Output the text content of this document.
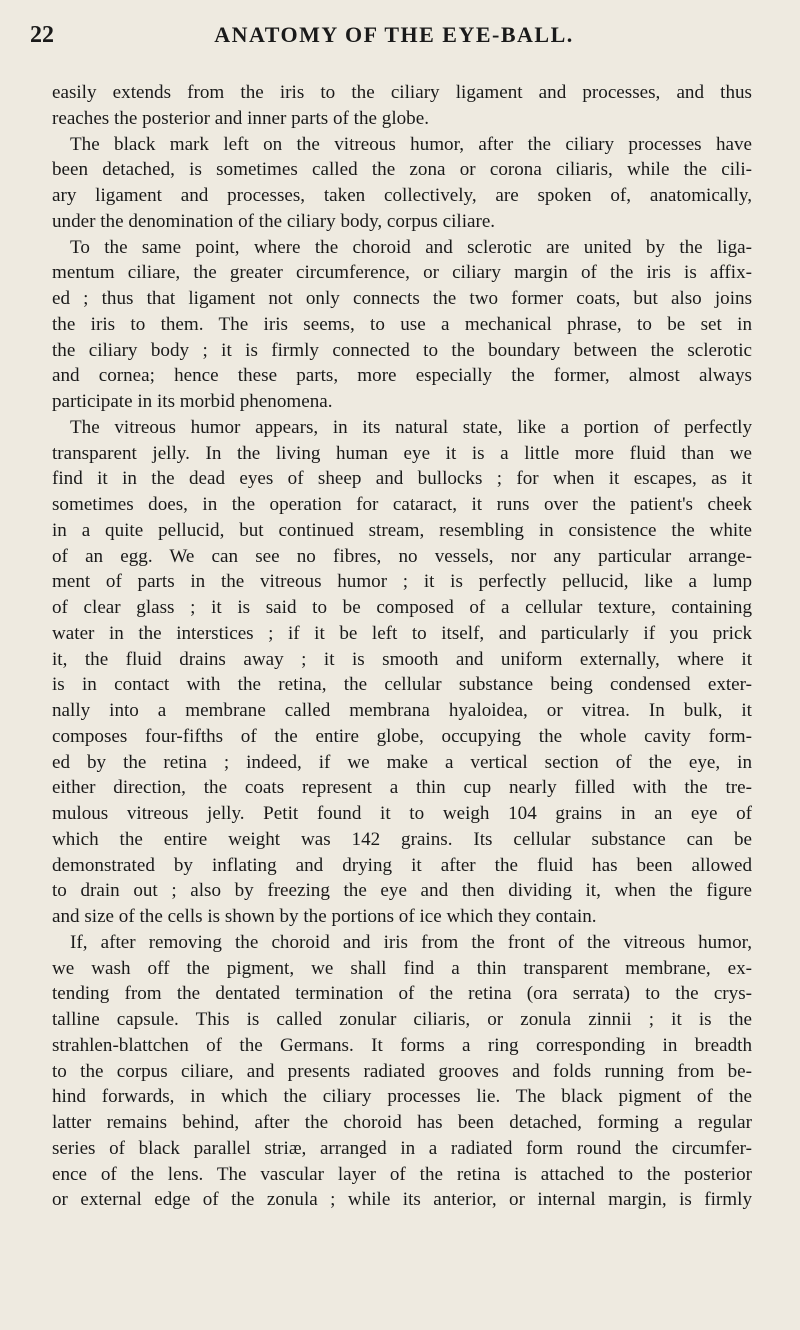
22	ANATOMY OF THE EYE-BALL.
easily extends from the iris to the ciliary ligament and processes, and thus
reaches the posterior and inner parts of the globe.
The black mark left on the vitreous humor, after the ciliary processes have
been detached, is sometimes called the zona or corona ciliaris, while the cili-
ary ligament and processes, taken collectively, are spoken of, anatomically,
under the denomination of the ciliary body, corpus ciliare.
To the same point, where the choroid and sclerotic are united by the liga-
mentum ciliare, the greater circumference, or ciliary margin of the iris is affix-
ed ; thus that ligament not only connects the two former coats, but also joins
the iris to them. The iris seems, to use a mechanical phrase, to be set in
the ciliary body ; it is firmly connected to the boundary between the sclerotic
and cornea; hence these parts, more especially the former, almost always
participate in its morbid phenomena.
The vitreous humor appears, in its natural state, like a portion of perfectly
transparent jelly. In the living human eye it is a little more fluid than we
find it in the dead eyes of sheep and bullocks ; for when it escapes, as it
sometimes does, in the operation for cataract, it runs over the patient's cheek
in a quite pellucid, but continued stream, resembling in consistence the white
of an egg. We can see no fibres, no vessels, nor any particular arrange-
ment of parts in the vitreous humor ; it is perfectly pellucid, like a lump
of clear glass ; it is said to be composed of a cellular texture, containing
water in the interstices ; if it be left to itself, and particularly if you prick
it, the fluid drains away ; it is smooth and uniform externally, where it
is in contact with the retina, the cellular substance being condensed exter-
nally into a membrane called membrana hyaloidea, or vitrea. In bulk, it
composes four-fifths of the entire globe, occupying the whole cavity form-
ed by the retina ; indeed, if we make a vertical section of the eye, in
either direction, the coats represent a thin cup nearly filled with the tre-
mulous vitreous jelly. Petit found it to weigh 104 grains in an eye of
which the entire weight was 142 grains. Its cellular substance can be
demonstrated by inflating and drying it after the fluid has been allowed
to drain out ; also by freezing the eye and then dividing it, when the figure
and size of the cells is shown by the portions of ice which they contain.
If, after removing the choroid and iris from the front of the vitreous humor,
we wash off the pigment, we shall find a thin transparent membrane, ex-
tending from the dentated termination of the retina (ora serrata) to the crys-
talline capsule. This is called zonular ciliaris, or zonula zinnii ; it is the
strahlen-blattchen of the Germans. It forms a ring corresponding in breadth
to the corpus ciliare, and presents radiated grooves and folds running from be-
hind forwards, in which the ciliary processes lie. The black pigment of the
latter remains behind, after the choroid has been detached, forming a regular
series of black parallel striæ, arranged in a radiated form round the circumfer-
ence of the lens. The vascular layer of the retina is attached to the posterior
or external edge of the zonula ; while its anterior, or internal margin, is firmly
